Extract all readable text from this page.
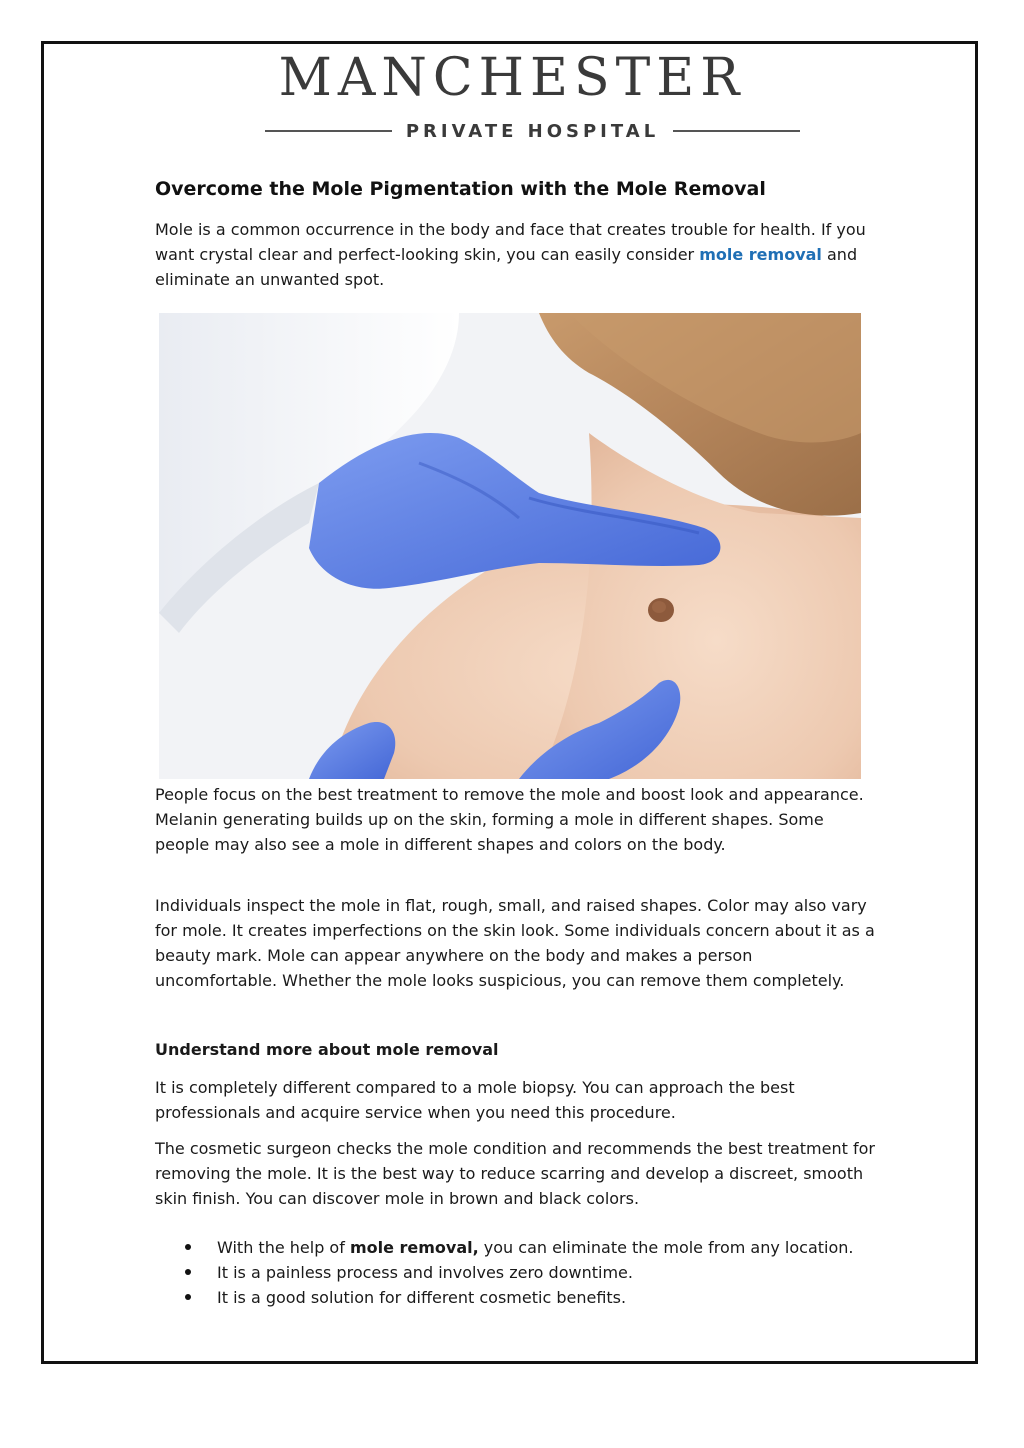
MANCHESTER
PRIVATE HOSPITAL
Overcome the Mole Pigmentation with the Mole Removal

Mole is a common occurrence in the body and face that creates trouble for health. If you want crystal clear and perfect-looking skin, you can easily consider mole removal and eliminate an unwanted spot.

People focus on the best treatment to remove the mole and boost look and appearance. Melanin generating builds up on the skin, forming a mole in different shapes. Some people may also see a mole in different shapes and colors on the body.

Individuals inspect the mole in flat, rough, small, and raised shapes. Color may also vary for mole. It creates imperfections on the skin look. Some individuals concern about it as a beauty mark. Mole can appear anywhere on the body and makes a person uncomfortable. Whether the mole looks suspicious, you can remove them completely.

Understand more about mole removal

It is completely different compared to a mole biopsy. You can approach the best professionals and acquire service when you need this procedure.

The cosmetic surgeon checks the mole condition and recommends the best treatment for removing the mole. It is the best way to reduce scarring and develop a discreet, smooth skin finish. You can discover mole in brown and black colors.

With the help of mole removal, you can eliminate the mole from any location.
It is a painless process and involves zero downtime.
It is a good solution for different cosmetic benefits.
